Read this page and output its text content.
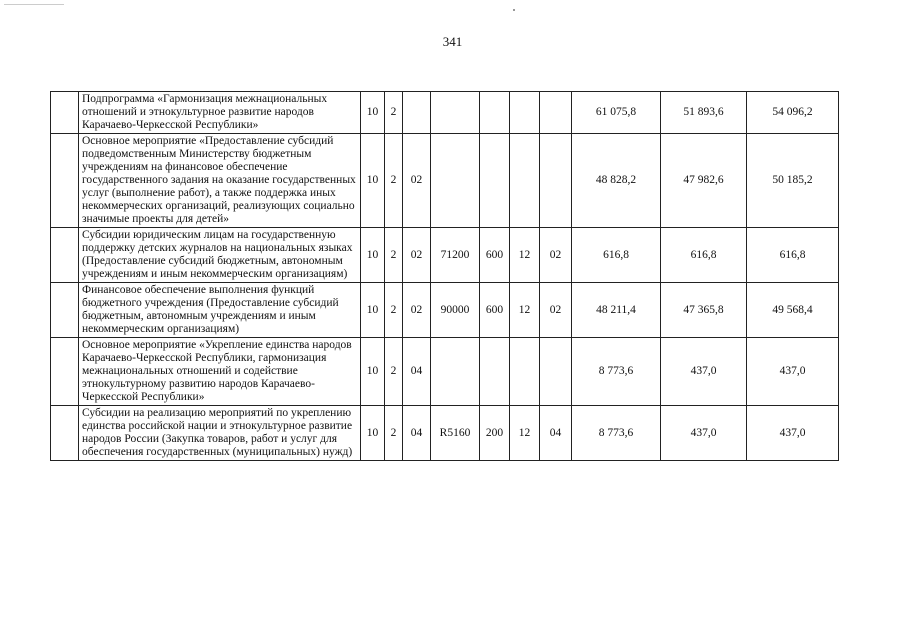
341
	Подпрограмма «Гармонизация межнациональных отношений и этнокультурное развитие народов Карачаево-Черкесской Республики»	10	2						61 075,8	51 893,6	54 096,2
	Основное мероприятие «Предоставление субсидий подведомственным Министерству бюджетным учреждениям на финансовое обеспечение государственного задания на оказание государственных услуг (выполнение работ), а также поддержка иных некоммерческих организаций, реализующих социально значимые проекты для детей»	10	2	02					48 828,2	47 982,6	50 185,2
	Субсидии юридическим лицам на государственную поддержку детских журналов на национальных языках (Предоставление субсидий бюджетным, автономным учреждениям и иным некоммерческим организациям)	10	2	02	71200	600	12	02	616,8	616,8	616,8
	Финансовое обеспечение выполнения функций бюджетного учреждения (Предоставление субсидий бюджетным, автономным учреждениям и иным некоммерческим организациям)	10	2	02	90000	600	12	02	48 211,4	47 365,8	49 568,4
	Основное мероприятие «Укрепление единства народов Карачаево-Черкесской Республики, гармонизация межнациональных отношений и содействие этнокультурному развитию народов Карачаево-Черкесской Республики»	10	2	04					8 773,6	437,0	437,0
	Субсидии на реализацию мероприятий по укреплению единства российской нации и этнокультурное развитие народов России (Закупка товаров, работ и услуг для обеспечения государственных (муниципальных) нужд)	10	2	04	R5160	200	12	04	8 773,6	437,0	437,0
